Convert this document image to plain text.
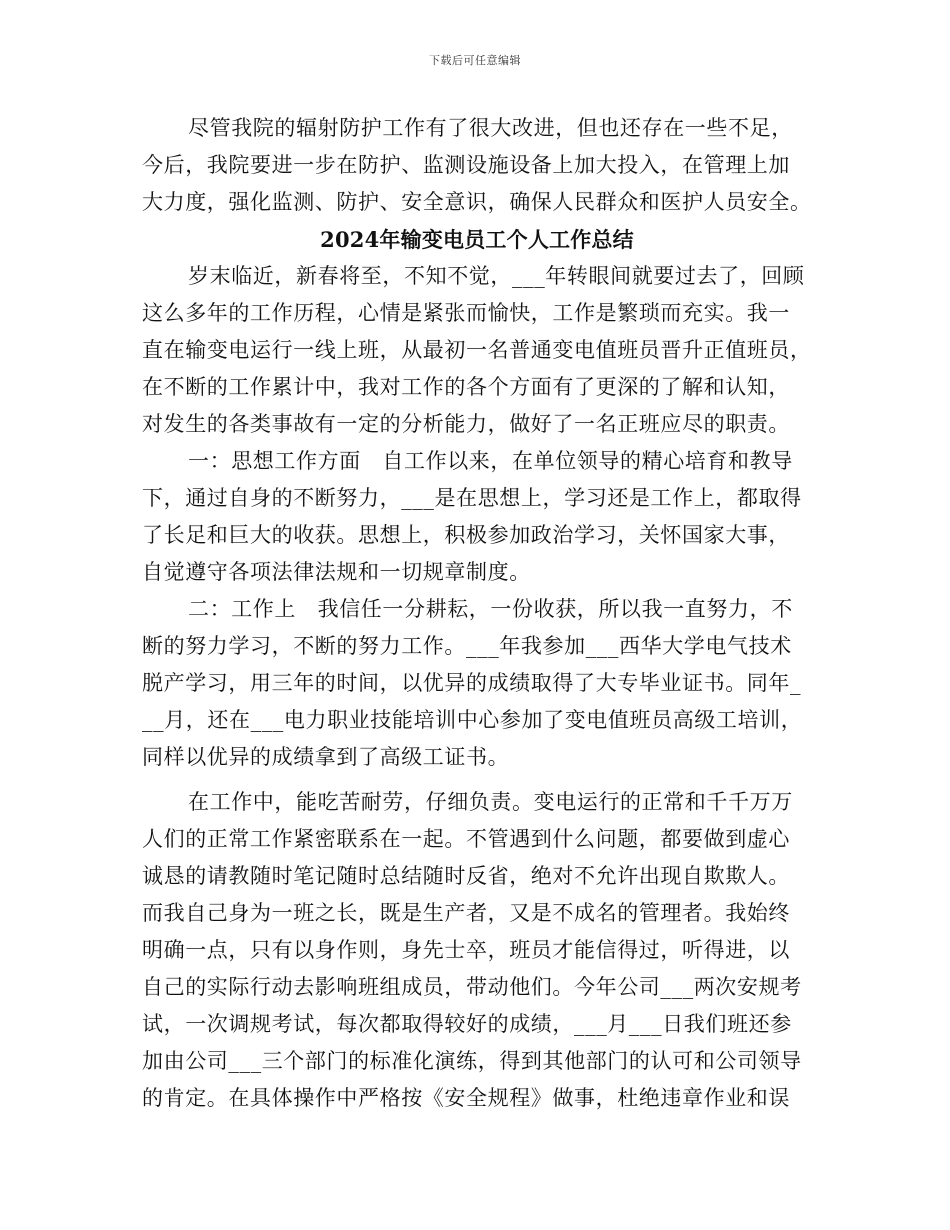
下载后可任意编辑
尽管我院的辐射防护工作有了很大改进，但也还存在一些不足，
今后，我院要进一步在防护、监测设施设备上加大投入，在管理上加
大力度，强化监测、防护、安全意识，确保人民群众和医护人员安全。
2024年输变电员工个人工作总结
岁末临近，新春将至，不知不觉，___年转眼间就要过去了，回顾
这么多年的工作历程，心情是紧张而愉快，工作是繁琐而充实。我一
直在输变电运行一线上班，从最初一名普通变电值班员晋升正值班员，
在不断的工作累计中，我对工作的各个方面有了更深的了解和认知，
对发生的各类事故有一定的分析能力，做好了一名正班应尽的职责。
一：思想工作方面　自工作以来，在单位领导的精心培育和教导
下，通过自身的不断努力，___是在思想上，学习还是工作上，都取得
了长足和巨大的收获。思想上，积极参加政治学习，关怀国家大事，
自觉遵守各项法律法规和一切规章制度。
二：工作上　我信任一分耕耘，一份收获，所以我一直努力，不
断的努力学习，不断的努力工作。___年我参加___西华大学电气技术
脱产学习，用三年的时间，以优异的成绩取得了大专毕业证书。同年_
__月，还在___电力职业技能培训中心参加了变电值班员高级工培训，
同样以优异的成绩拿到了高级工证书。
在工作中，能吃苦耐劳，仔细负责。变电运行的正常和千千万万
人们的正常工作紧密联系在一起。不管遇到什么问题，都要做到虚心
诚恳的请教随时笔记随时总结随时反省，绝对不允许出现自欺欺人。
而我自己身为一班之长，既是生产者，又是不成名的管理者。我始终
明确一点，只有以身作则，身先士卒，班员才能信得过，听得进，以
自己的实际行动去影响班组成员，带动他们。今年公司___两次安规考
试，一次调规考试，每次都取得较好的成绩，___月___日我们班还参
加由公司___三个部门的标准化演练，得到其他部门的认可和公司领导
的肯定。在具体操作中严格按《安全规程》做事，杜绝违章作业和误
